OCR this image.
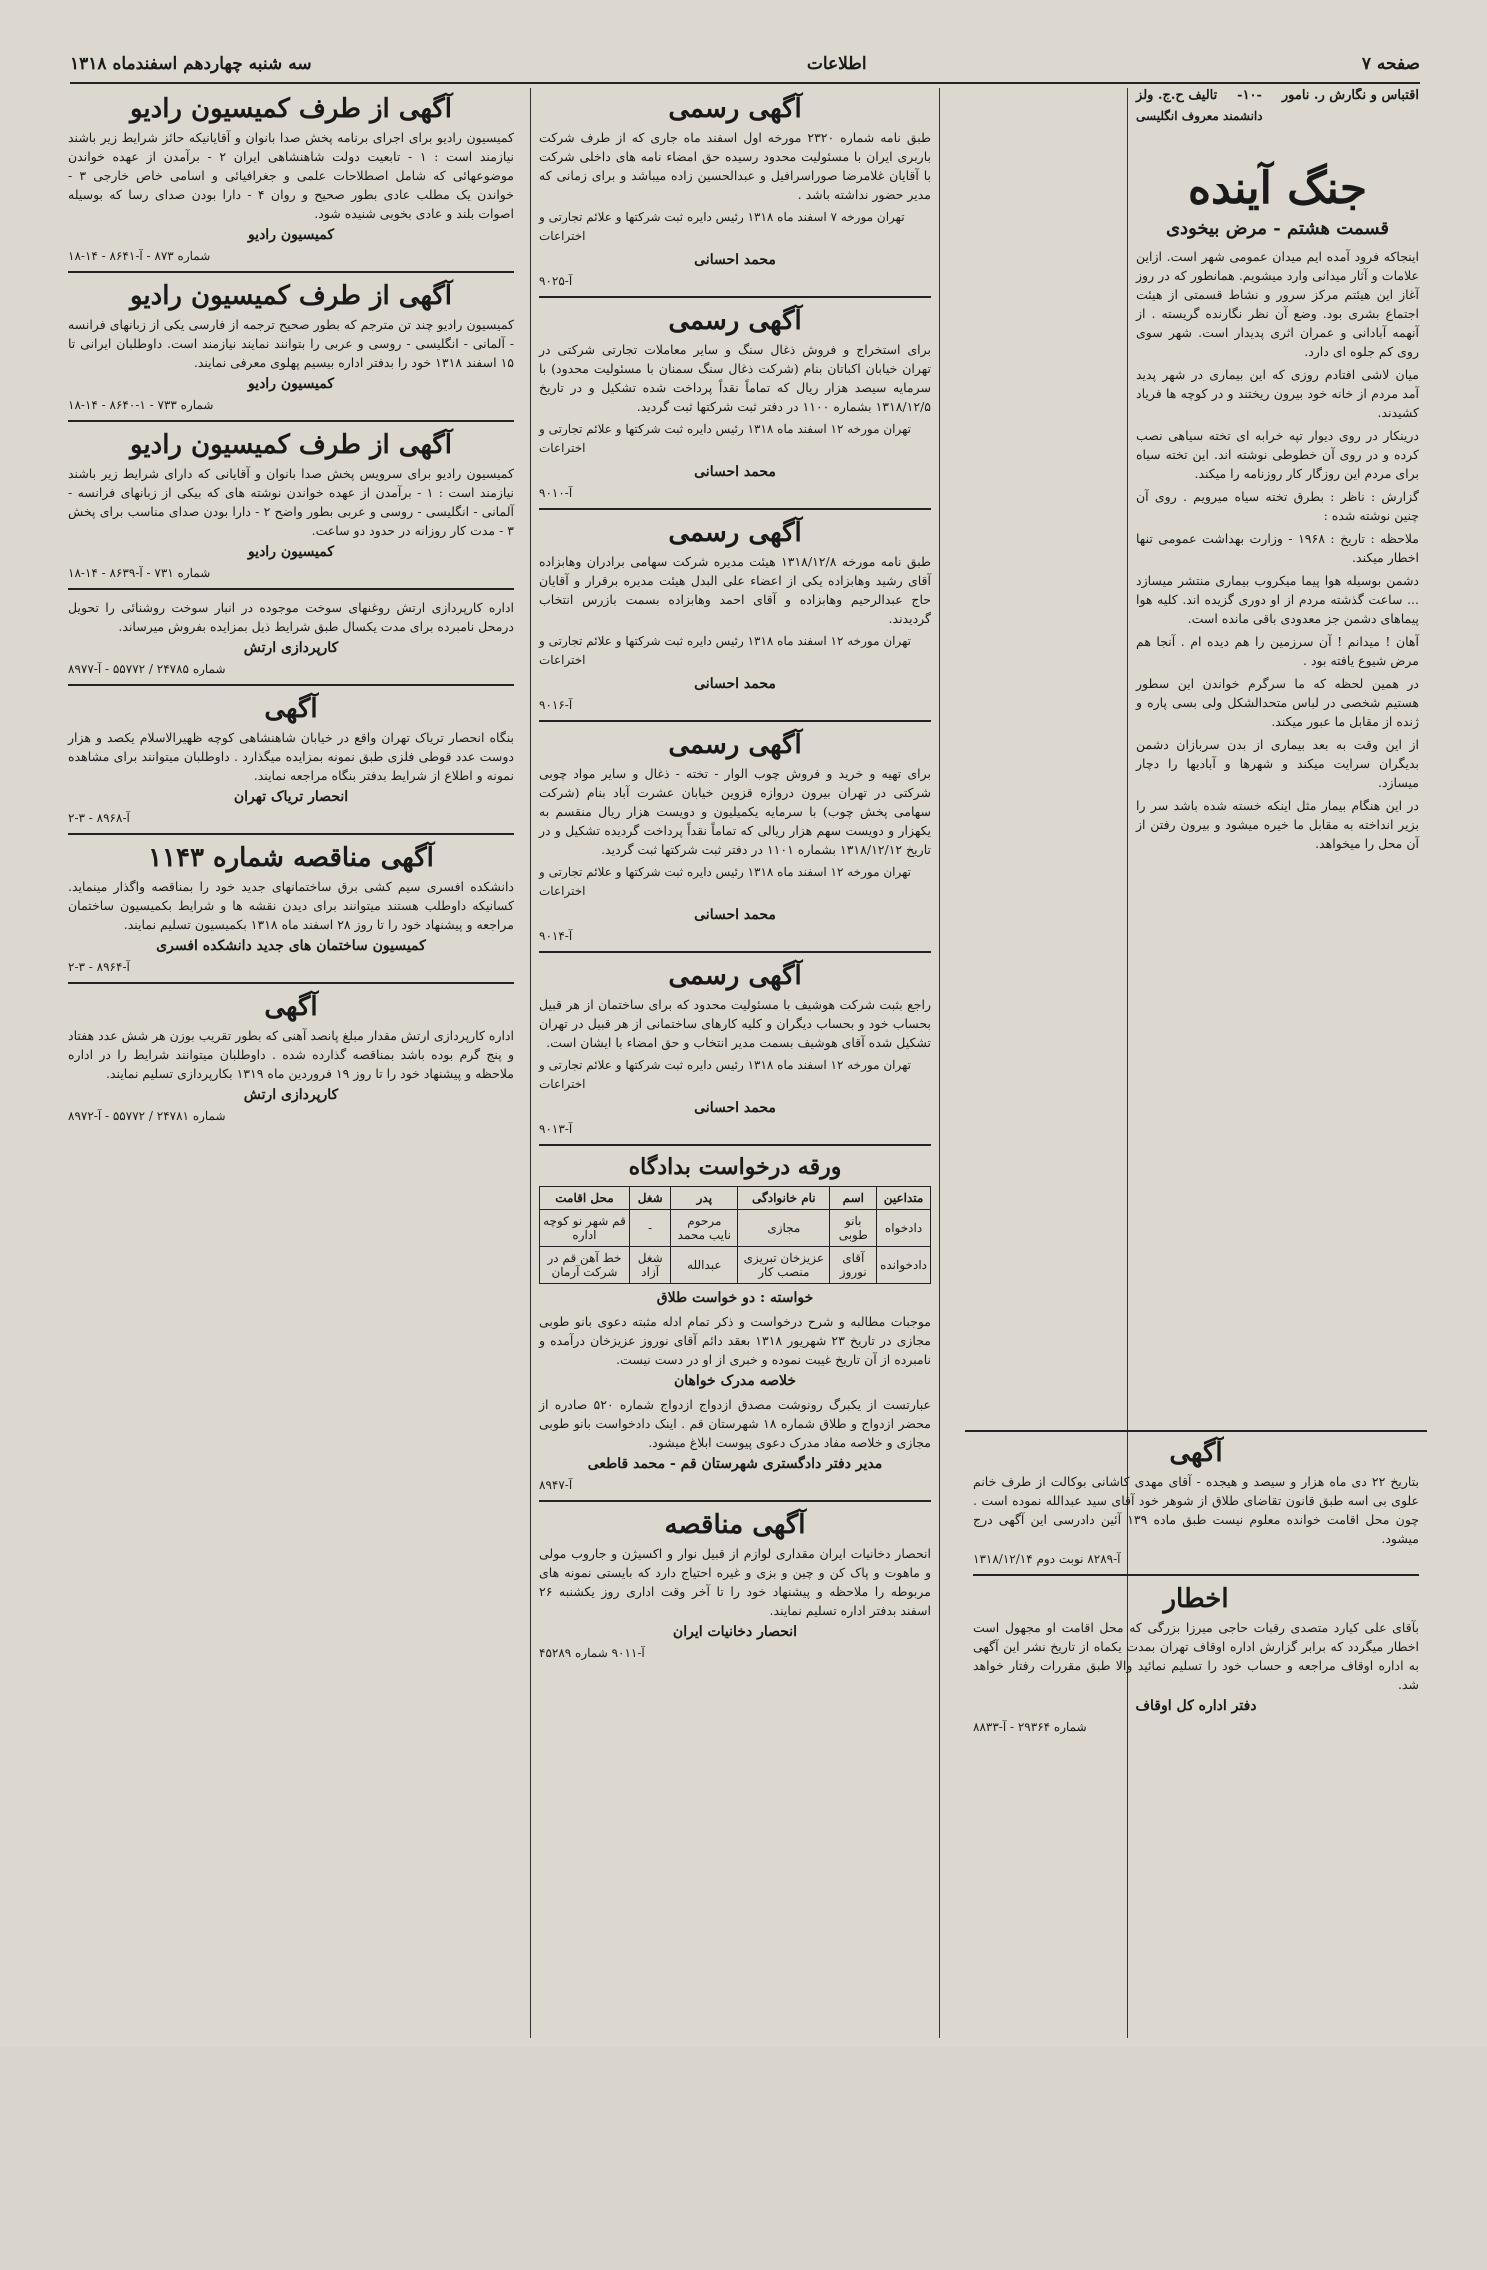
صفحه ۷
اطلاعات
سه شنبه چهاردهم اسفندماه ۱۳۱۸
اقتباس و نگارش ر. نامور
-۱۰-
تالیف ح.ج. ولز
دانشمند معروف انگلیسی
جنگ آینده
قسمت هشتم - مرض بیخودی

اینجاکه فرود آمده ایم میدان عمومی شهر است. ازاین علامات و آثار میدانی وارد میشویم. همانطور که در روز آغاز این هیئتم مرکز سرور و نشاط قسمتی از هیئت اجتماع بشری بود. وضع آن نظر نگارنده گریسته . از آنهمه آبادانی و عمران اثری پدیدار است. شهر سوی روی کم جلوه ای دارد.

میان لاشی افتادم روزی که این بیماری در شهر پدید آمد مردم از خانه خود بیرون ریختند و در کوچه ها فریاد کشیدند.

درینکار در روی دیوار تپه خرابه ای تخته سیاهی نصب کرده و در روی آن خطوطی نوشته اند. این تخته سیاه برای مردم این روزگار کار روزنامه را میکند.

گزارش : ناظر : بطرق تخته سیاه میرویم . روی آن چنین نوشته شده :

ملاحظه : تاریخ : ۱۹۶۸ - وزارت بهداشت عمومی تنها اخطار میکند.

دشمن بوسیله هوا پیما میکروب بیماری منتشر میسازد ... ساعت گذشته مردم از او دوری گزیده اند. کلیه هوا پیماهای دشمن جز معدودی باقی مانده است.

آهان ! میدانم ! آن سرزمین را هم دیده ام . آنجا هم مرض شیوع یافته بود .

در همین لحظه که ما سرگرم خواندن این سطور هستیم شخصی در لباس متحدالشکل ولی بسی پاره و ژنده از مقابل ما عبور میکند.

از این وقت به بعد بیماری از بدن سربازان دشمن بدیگران سرایت میکند و شهرها و آبادیها را دچار میسازد.

در این هنگام بیمار مثل اینکه خسته شده باشد سر را بزیر انداخته به مقابل ما خیره میشود و بیرون رفتن از آن محل را میخواهد.

آگهی رسمی

طبق نامه شماره ۲۳۲۰ مورخه اول اسفند ماه جاری که از طرف شرکت باربری ایران با مسئولیت محدود رسیده حق امضاء نامه های داخلی شرکت با آقایان غلامرضا صوراسرافیل و عبدالحسین زاده میباشد و برای زمانی که مدیر حضور نداشته باشد .

تهران مورخه ۷ اسفند ماه ۱۳۱۸ رئیس دایره ثبت شرکتها و علائم تجارتی و اختراعات

محمد احسانی
آ-۹۰۲۵
آگهی رسمی

برای استخراج و فروش ذغال سنگ و سایر معاملات تجارتی شرکتی در تهران خیابان اکباتان بنام (شرکت ذغال سنگ سمنان با مسئولیت محدود) با سرمایه سیصد هزار ریال که تماماً نقداً پرداخت شده تشکیل و در تاریخ ۱۳۱۸/۱۲/۵ بشماره ۱۱۰۰ در دفتر ثبت شرکتها ثبت گردید.

تهران مورخه ۱۲ اسفند ماه ۱۳۱۸ رئیس دایره ثبت شرکتها و علائم تجارتی و اختراعات

محمد احسانی
آ-۹۰۱۰
آگهی رسمی

طبق نامه مورخه ۱۳۱۸/۱۲/۸ هیئت مدیره شرکت سهامی برادران وهابزاده آقای رشید وهابزاده یکی از اعضاء علی البدل هیئت مدیره برقرار و آقایان حاج عبدالرحیم وهابزاده و آقای احمد وهابزاده بسمت بازرس انتخاب گردیدند.

تهران مورخه ۱۲ اسفند ماه ۱۳۱۸ رئیس دایره ثبت شرکتها و علائم تجارتی و اختراعات

محمد احسانی
آ-۹۰۱۶
آگهی رسمی

برای تهیه و خرید و فروش چوب الوار - تخته - ذغال و سایر مواد چوبی شرکتی در تهران بیرون دروازه قزوین خیابان عشرت آباد بنام (شرکت سهامی پخش چوب) با سرمایه یکمیلیون و دویست هزار ریال منقسم به یکهزار و دویست سهم هزار ریالی که تماماً نقداً پرداخت گردیده تشکیل و در تاریخ ۱۳۱۸/۱۲/۱۲ بشماره ۱۱۰۱ در دفتر ثبت شرکتها ثبت گردید.

تهران مورخه ۱۲ اسفند ماه ۱۳۱۸ رئیس دایره ثبت شرکتها و علائم تجارتی و اختراعات

محمد احسانی
آ-۹۰۱۴
آگهی رسمی

راجع بثبت شرکت هوشیف با مسئولیت محدود که برای ساختمان از هر قبیل بحساب خود و بحساب دیگران و کلیه کارهای ساختمانی از هر قبیل در تهران تشکیل شده آقای هوشیف بسمت مدیر انتخاب و حق امضاء با ایشان است.

تهران مورخه ۱۲ اسفند ماه ۱۳۱۸ رئیس دایره ثبت شرکتها و علائم تجارتی و اختراعات

محمد احسانی
آ-۹۰۱۳
ورقه درخواست بدادگاه
متداعین	اسم	نام خانوادگی	پدر	شغل	محل اقامت
دادخواه	بانو طوبی	مجازی	مرحوم نایب محمد	-	قم شهر نو کوچه اداره
دادخوانده	آقای نوروز	عزیزخان تبریزی منصب کار	عبدالله	شغل آزاد	خط آهن قم در شرکت آرمان
خواسته : دو خواست طلاق

موجبات مطالبه و شرح درخواست و ذکر تمام ادله مثبته دعوی بانو طوبی مجازی در تاریخ ۲۳ شهریور ۱۳۱۸ بعقد دائم آقای نوروز عزیزخان درآمده و نامبرده از آن تاریخ غیبت نموده و خبری از او در دست نیست.

خلاصه مدرک خواهان

عبارتست از یکبرگ رونوشت مصدق ازدواج ازدواج شماره ۵۲۰ صادره از محضر ازدواج و طلاق شماره ۱۸ شهرستان قم . اینک دادخواست بانو طوبی مجازی و خلاصه مفاد مدرک دعوی پیوست ابلاغ میشود.

مدیر دفتر دادگستری شهرستان قم - محمد قاطعی
آ-۸۹۴۷
آگهی مناقصه

انحصار دخانیات ایران مقداری لوازم از قبیل نوار و اکسیژن و جاروب مولی و ماهوت و پاک کن و چین و بزی و غیره احتیاج دارد که بایستی نمونه های مربوطه را ملاحظه و پیشنهاد خود را تا آخر وقت اداری روز یکشنبه ۲۶ اسفند بدفتر اداره تسلیم نمایند.

انحصار دخانیات ایران
آ-۹۰۱۱ شماره ۴۵۲۸۹
آگهی از طرف کمیسیون رادیو

کمیسیون رادیو برای اجرای برنامه پخش صدا بانوان و آقایانیکه حائز شرایط زیر باشند نیازمند است : ۱ - تابعیت دولت شاهنشاهی ایران ۲ - برآمدن از عهده خواندن موضوعهائی که شامل اصطلاحات علمی و جغرافیائی و اسامی خاص خارجی ۳ - خواندن یک مطلب عادی بطور صحیح و روان ۴ - دارا بودن صدای رسا که بوسیله اصوات بلند و عادی بخوبی شنیده شود.

کمیسیون رادیو
شماره ۸۷۳ - آ-۸۶۴۱ - ۱۴-۱۸
آگهی از طرف کمیسیون رادیو

کمیسیون رادیو چند تن مترجم که بطور صحیح ترجمه از فارسی یکی از زبانهای فرانسه - آلمانی - انگلیسی - روسی و عربی را بتوانند نمایند نیازمند است. داوطلبان ایرانی تا ۱۵ اسفند ۱۳۱۸ خود را بدفتر اداره بیسیم پهلوی معرفی نمایند.

کمیسیون رادیو
شماره ۷۳۳ - ۱-۸۶۴۰ - ۱۴-۱۸
آگهی از طرف کمیسیون رادیو

کمیسیون رادیو برای سرویس پخش صدا بانوان و آقایانی که دارای شرایط زیر باشند نیازمند است : ۱ - برآمدن از عهده خواندن نوشته های که بیکی از زبانهای فرانسه - آلمانی - انگلیسی - روسی و عربی بطور واضح ۲ - دارا بودن صدای مناسب برای پخش ۳ - مدت کار روزانه در حدود دو ساعت.

کمیسیون رادیو
شماره ۷۳۱ - آ-۸۶۳۹ - ۱۴-۱۸

اداره کارپردازی ارتش روغنهای سوخت موجوده در انبار سوخت روشنائی را تحویل درمحل نامبرده برای مدت یکسال طبق شرایط ذیل بمزایده بفروش میرساند.

کارپردازی ارتش
شماره ۲۴۷۸۵ / ۵۵۷۷۲ - آ-۸۹۷۷
آگهی

بنگاه انحصار تریاک تهران واقع در خیابان شاهنشاهی کوچه ظهیرالاسلام یکصد و هزار دوست عدد قوطی فلزی طبق نمونه بمزایده میگذارد . داوطلبان میتوانند برای مشاهده نمونه و اطلاع از شرایط بدفتر بنگاه مراجعه نمایند.

انحصار تریاک تهران
آ-۸۹۶۸ - ۳-۲
آگهی مناقصه شماره ۱۱۴۳

دانشکده افسری سیم کشی برق ساختمانهای جدید خود را بمناقصه واگذار مینماید. کسانیکه داوطلب هستند میتوانند برای دیدن نقشه ها و شرایط بکمیسیون ساختمان مراجعه و پیشنهاد خود را تا روز ۲۸ اسفند ماه ۱۳۱۸ بکمیسیون تسلیم نمایند.

کمیسیون ساختمان های جدید دانشکده افسری
آ-۸۹۶۴ - ۳-۲
آگهی

اداره کارپردازی ارتش مقدار مبلغ پانصد آهنی که بطور تقریب بوزن هر شش عدد هفتاد و پنج گرم بوده باشد بمناقصه گذارده شده . داوطلبان میتوانند شرایط را در اداره ملاحظه و پیشنهاد خود را تا روز ۱۹ فروردین ماه ۱۳۱۹ بکارپردازی تسلیم نمایند.

کارپردازی ارتش
شماره ۲۴۷۸۱ / ۵۵۷۷۲ - آ-۸۹۷۲
آگهی

بتاریخ ۲۲ دی ماه هزار و سیصد و هیجده - آقای مهدی کاشانی بوکالت از طرف خانم علوی بی اسه طبق قانون تقاضای طلاق از شوهر خود آقای سید عبدالله نموده است . چون محل اقامت خوانده معلوم نیست طبق ماده ۱۳۹ آئین دادرسی این آگهی درج میشود.

آ-۸۲۸۹ نوبت دوم ۱۳۱۸/۱۲/۱۴
اخطار

بآقای علی کیارد متصدی رقبات حاجی میرزا بزرگی که محل اقامت او مجهول است اخطار میگردد که برابر گزارش اداره اوقاف تهران بمدت یکماه از تاریخ نشر این آگهی به اداره اوقاف مراجعه و حساب خود را تسلیم نمائید والا طبق مقررات رفتار خواهد شد.

دفتر اداره کل اوقاف
شماره ۲۹۳۶۴ - آ-۸۸۳۳
